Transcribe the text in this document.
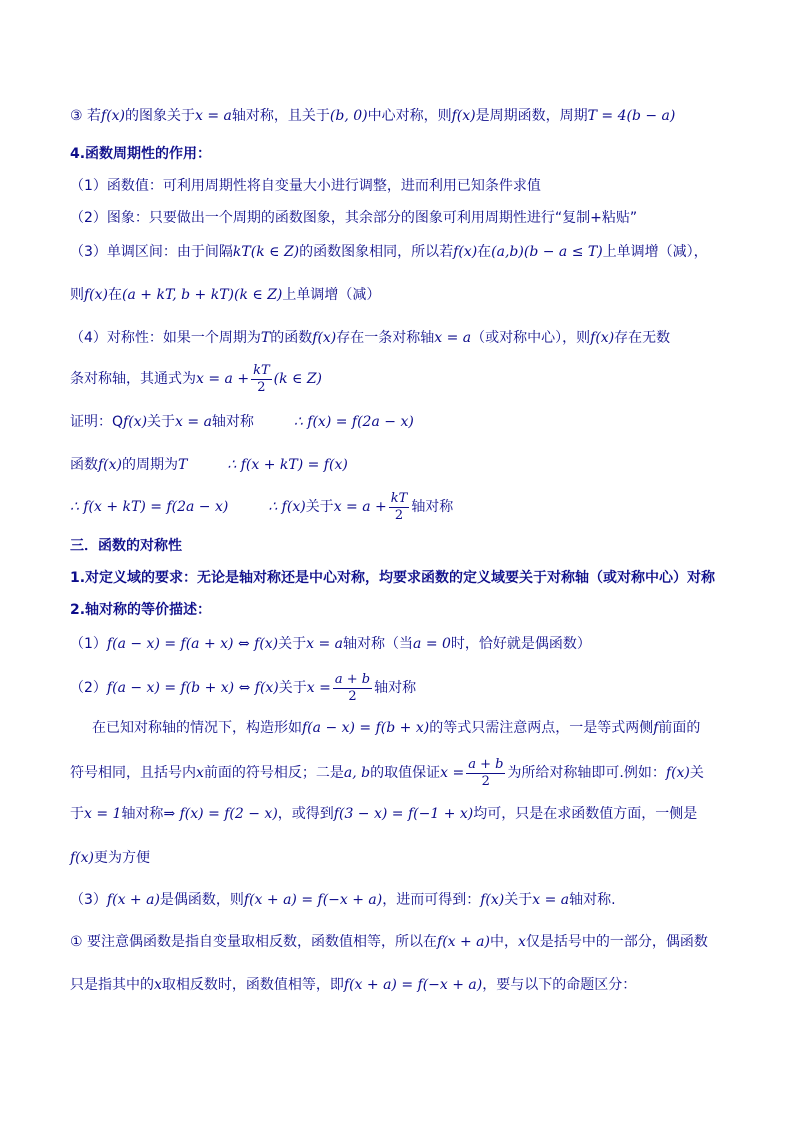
③ 若f(x)的图象关于x = a轴对称，且关于(b, 0)中心对称，则f(x)是周期函数，周期T = 4(b − a)
4.函数周期性的作用：
（1）函数值：可利用周期性将自变量大小进行调整，进而利用已知条件求值
（2）图象：只要做出一个周期的函数图象，其余部分的图象可利用周期性进行“复制+粘贴”
（3）单调区间：由于间隔kT(k ∈ Z)的函数图象相同，所以若f(x)在(a,b)(b − a ≤ T)上单调增（减），
则f(x)在(a + kT, b + kT)(k ∈ Z)上单调增（减）
（4）对称性：如果一个周期为T的函数f(x)存在一条对称轴x = a（或对称中心），则f(x)存在无数
条对称轴，其通式为$x = a + \frac{kT}{2} (k$ ∈ Z)
证明：Qf(x)关于x = a轴对称	∴ f(x) = f(2a − x)
函数f(x)的周期为T	∴ f(x + kT) = f(x)
∴ f(x + kT) = f(2a − x)	∴ f(x)关于$x = a + \frac{kT}{2}$ 轴对称
三．函数的对称性
1.对定义域的要求：无论是轴对称还是中心对称，均要求函数的定义域要关于对称轴（或对称中心）对称
2.轴对称的等价描述：
（1）f(a − x) = f(a + x) ⇔ f(x)关于x = a轴对称（当a = 0时，恰好就是偶函数）
（2）f(a − x) = f(b + x) ⇔ f(x)关于$x = \frac{a + b}{2}$ 轴对称
在已知对称轴的情况下，构造形如f(a − x) = f(b + x)的等式只需注意两点，一是等式两侧f前面的
符号相同，且括号内x前面的符号相反；二是a, b的取值保证$x = \frac{a + b}{2}$ 为所给对称轴即可.例如：f(x)关
于x = 1轴对称⇒ f(x) = f(2 − x)，或得到f(3 − x) = f(−1 + x)均可，只是在求函数值方面，一侧是
f(x)更为方便
（3）f(x + a)是偶函数，则f(x + a) = f(−x + a)，进而可得到：f(x)关于x = a轴对称.
① 要注意偶函数是指自变量取相反数，函数值相等，所以在f(x + a)中，x仅是括号中的一部分，偶函数
只是指其中的x取相反数时，函数值相等，即f(x + a) = f(−x + a)，要与以下的命题区分：
